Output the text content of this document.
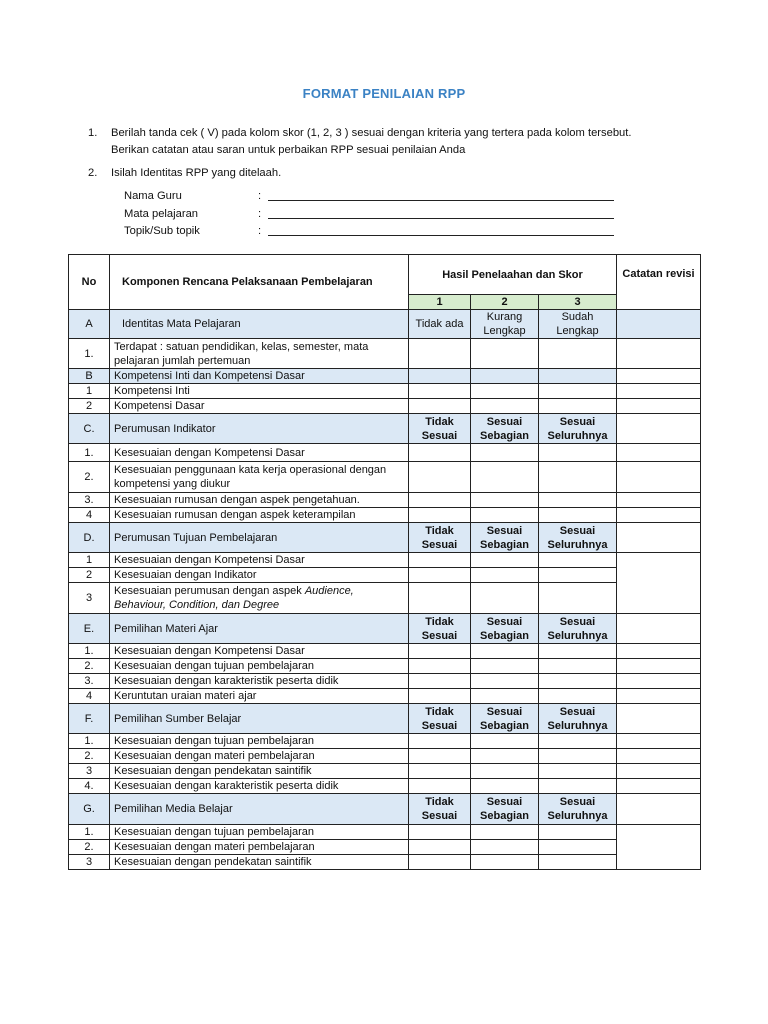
FORMAT PENILAIAN RPP
1. Berilah tanda cek ( V) pada kolom skor (1, 2, 3 ) sesuai dengan kriteria yang tertera pada kolom tersebut. Berikan catatan atau saran untuk perbaikan RPP sesuai penilaian Anda
2. Isilah Identitas RPP yang ditelaah.
Nama Guru	:
Mata pelajaran	:
Topik/Sub topik	:
No	Komponen Rencana Pelaksanaan Pembelajaran	Hasil Penelaahan dan Skor			Catatan revisi
		1	2	3	
A	Identitas Mata Pelajaran	Tidak ada	Kurang Lengkap	Sudah Lengkap	
1.	Terdapat : satuan pendidikan, kelas, semester, mata pelajaran jumlah pertemuan				
B	Kompetensi Inti dan Kompetensi Dasar				
1	Kompetensi Inti				
2	Kompetensi Dasar				
C.	Perumusan Indikator	Tidak Sesuai	Sesuai Sebagian	Sesuai Seluruhnya	
1.	Kesesuaian dengan Kompetensi Dasar				
2.	Kesesuaian penggunaan kata kerja operasional dengan kompetensi yang diukur				
3.	Kesesuaian rumusan dengan aspek pengetahuan.				
4	Kesesuaian rumusan dengan aspek keterampilan				
D.	Perumusan Tujuan Pembelajaran	Tidak Sesuai	Sesuai Sebagian	Sesuai Seluruhnya	
1	Kesesuaian dengan Kompetensi Dasar				
2	Kesesuaian dengan Indikator				
3	Kesesuaian perumusan dengan aspek Audience, Behaviour, Condition, dan Degree				
E.	Pemilihan Materi Ajar	Tidak Sesuai	Sesuai Sebagian	Sesuai Seluruhnya	
1.	Kesesuaian dengan Kompetensi Dasar				
2.	Kesesuaian dengan tujuan pembelajaran				
3.	Kesesuaian dengan karakteristik peserta didik				
4	Keruntutan uraian materi ajar				
F.	Pemilihan Sumber Belajar	Tidak Sesuai	Sesuai Sebagian	Sesuai Seluruhnya	
1.	Kesesuaian dengan tujuan pembelajaran				
2.	Kesesuaian dengan materi pembelajaran				
3	Kesesuaian dengan pendekatan saintifik				
4.	Kesesuaian dengan karakteristik peserta didik				
G.	Pemilihan Media Belajar	Tidak Sesuai	Sesuai Sebagian	Sesuai Seluruhnya	
1.	Kesesuaian dengan tujuan pembelajaran				
2.	Kesesuaian dengan materi pembelajaran				
3	Kesesuaian dengan pendekatan saintifik				
